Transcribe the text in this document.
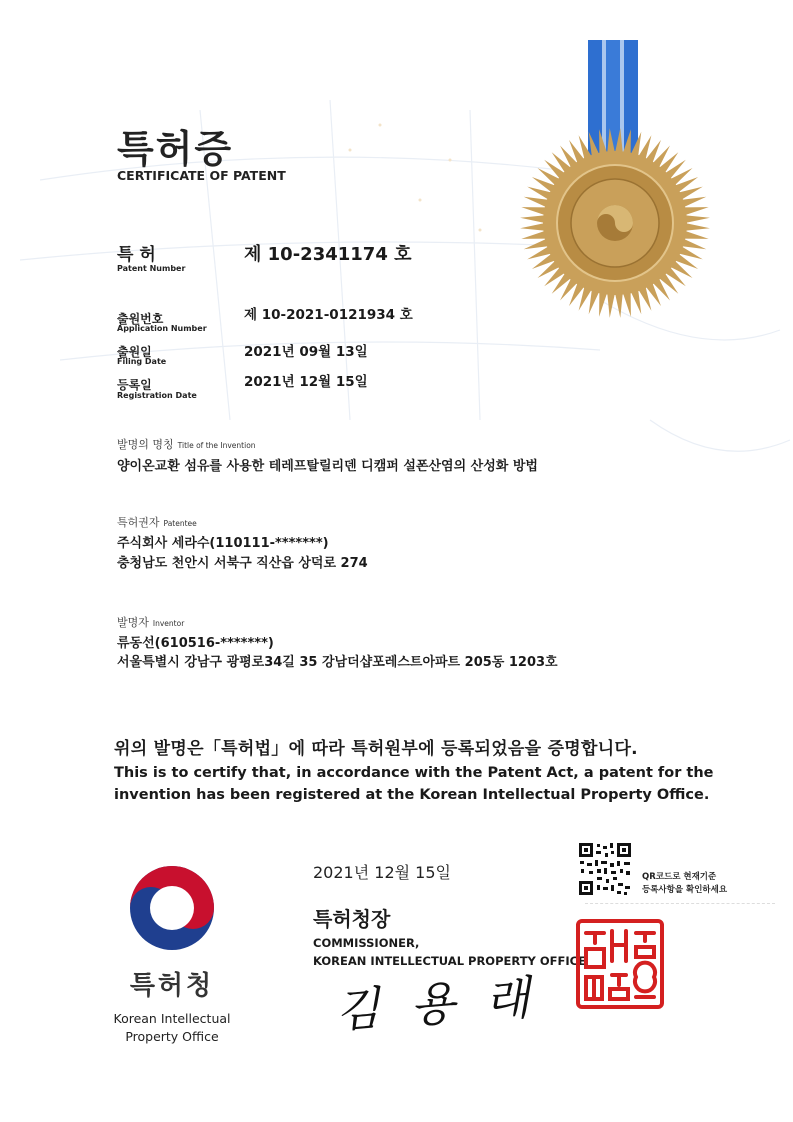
특허증
CERTIFICATE OF PATENT
특 허
Patent Number
제 10-2341174 호
출원번호
Application Number
제 10-2021-0121934 호
출원일
Filing Date
2021년 09월 13일
등록일
Registration Date
2021년 12월 15일
발명의 명칭 Title of the Invention
양이온교환 섬유를 사용한 테레프탈릴리덴 디캠퍼 설폰산염의 산성화 방법
특허권자 Patentee
주식회사 세라수(110111-*******)
충청남도 천안시 서북구 직산읍 상덕로 274
발명자 Inventor
류동선(610516-*******)
서울특별시 강남구 광평로34길 35 강남더샵포레스트아파트 205동 1203호
위의 발명은「특허법」에 따라 특허원부에 등록되었음을 증명합니다.
This is to certify that, in accordance with the Patent Act, a patent for the
invention has been registered at the Korean Intellectual Property Office.
2021년 12월 15일	QR코드로 현재기준
등록사항을 확인하세요
특허청장
COMMISSIONER,
KOREAN INTELLECTUAL PROPERTY OFFICE
김 용 래
특허청
Korean Intellectual
Property Office
